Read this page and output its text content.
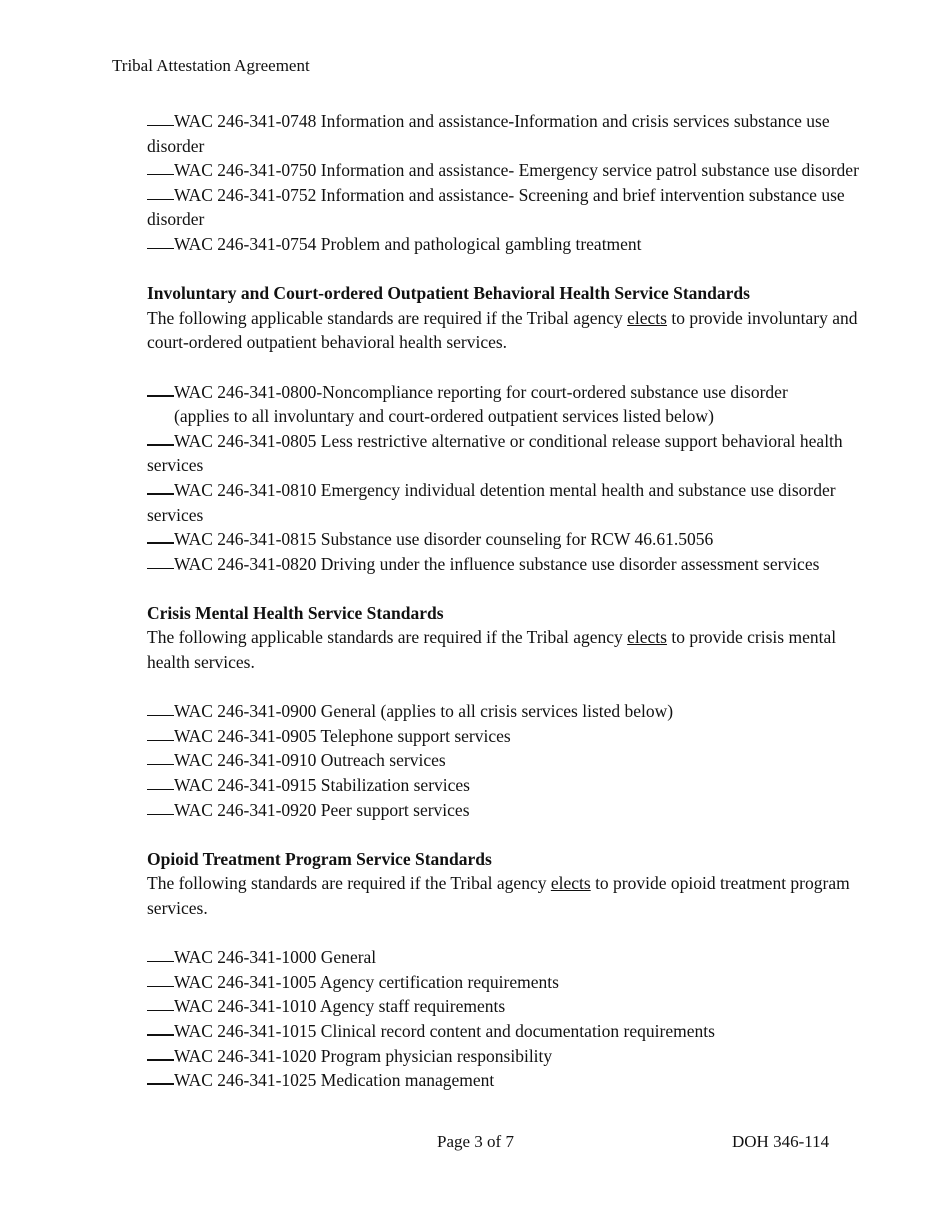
Tribal Attestation Agreement

WAC 246-341-0748 Information and assistance-Information and crisis services substance use disorder

WAC 246-341-0750 Information and assistance- Emergency service patrol substance use disorder

WAC 246-341-0752 Information and assistance- Screening and brief intervention substance use disorder

WAC 246-341-0754 Problem and pathological gambling treatment

Involuntary and Court-ordered Outpatient Behavioral Health Service Standards

The following applicable standards are required if the Tribal agency elects to provide involuntary and court-ordered outpatient behavioral health services.

WAC 246-341-0800-Noncompliance reporting for court-ordered substance use disorder

(applies to all involuntary and court-ordered outpatient services listed below)

WAC 246-341-0805 Less restrictive alternative or conditional release support behavioral health services

WAC 246-341-0810 Emergency individual detention mental health and substance use disorder services

WAC 246-341-0815 Substance use disorder counseling for RCW 46.61.5056

WAC 246-341-0820 Driving under the influence substance use disorder assessment services

Crisis Mental Health Service Standards

The following applicable standards are required if the Tribal agency elects to provide crisis mental health services.

WAC 246-341-0900 General (applies to all crisis services listed below)

WAC 246-341-0905 Telephone support services

WAC 246-341-0910 Outreach services

WAC 246-341-0915 Stabilization services

WAC 246-341-0920 Peer support services

Opioid Treatment Program Service Standards

The following standards are required if the Tribal agency elects to provide opioid treatment program services.

WAC 246-341-1000 General

WAC 246-341-1005 Agency certification requirements

WAC 246-341-1010 Agency staff requirements

WAC 246-341-1015 Clinical record content and documentation requirements

WAC 246-341-1020 Program physician responsibility

WAC 246-341-1025 Medication management

Page 3 of 7	DOH 346-114
